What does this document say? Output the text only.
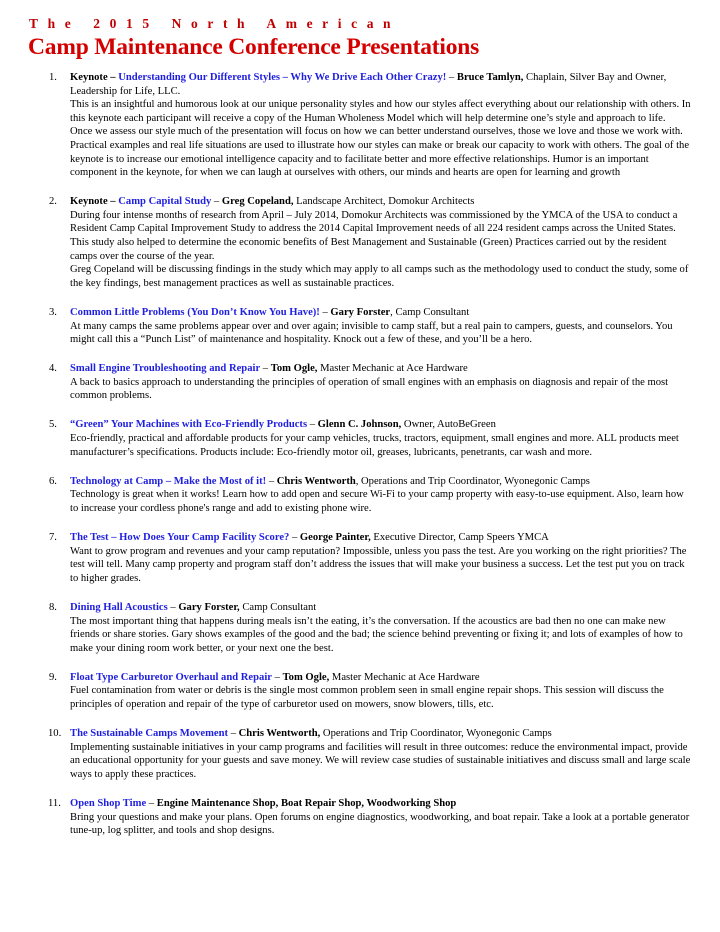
The 2015 North American
Camp Maintenance Conference Presentations
1.	Keynote – Understanding Our Different Styles – Why We Drive Each Other Crazy! – Bruce Tamlyn, Chaplain, Silver Bay and Owner, Leadership for Life, LLC.

This is an insightful and humorous look at our unique personality styles and how our styles affect everything about our relationship with others. In this keynote each participant will receive a copy of the Human Wholeness Model which will help determine one’s style and approach to life.

Once we assess our style much of the presentation will focus on how we can better understand ourselves, those we love and those we work with. Practical examples and real life situations are used to illustrate how our styles can make or break our capacity to work with others. The goal of the keynote is to increase our emotional intelligence capacity and to facilitate better and more effective relationships. Humor is an important component in the keynote, for when we can laugh at ourselves with others, our minds and hearts are open for learning and growth

2.	Keynote – Camp Capital Study – Greg Copeland, Landscape Architect, Domokur Architects

During four intense months of research from April – July 2014, Domokur Architects was commissioned by the YMCA of the USA to conduct a Resident Camp Capital Improvement Study to address the 2014 Capital Improvement needs of all 224 resident camps across the United States. This study also helped to determine the economic benefits of Best Management and Sustainable (Green) Practices carried out by the resident camps over the course of the year.

Greg Copeland will be discussing findings in the study which may apply to all camps such as the methodology used to conduct the study, some of the key findings, best management practices as well as sustainable practices.

3.	Common Little Problems (You Don’t Know You Have)! – Gary Forster, Camp Consultant

At many camps the same problems appear over and over again; invisible to camp staff, but a real pain to campers, guests, and counselors. You might call this a “Punch List” of maintenance and hospitality. Knock out a few of these, and you’ll be a hero.

4.	Small Engine Troubleshooting and Repair – Tom Ogle, Master Mechanic at Ace Hardware

A back to basics approach to understanding the principles of operation of small engines with an emphasis on diagnosis and repair of the most common problems.

5.	“Green” Your Machines with Eco-Friendly Products – Glenn C. Johnson, Owner, AutoBeGreen

Eco-friendly, practical and affordable products for your camp vehicles, trucks, tractors, equipment, small engines and more. ALL products meet manufacturer’s specifications. Products include: Eco-friendly motor oil, greases, lubricants, penetrants, car wash and more.

6.	Technology at Camp – Make the Most of it! – Chris Wentworth, Operations and Trip Coordinator, Wyonegonic Camps

Technology is great when it works! Learn how to add open and secure Wi-Fi to your camp property with easy-to-use equipment. Also, learn how to increase your cordless phone's range and add to existing phone wire.

7.	The Test – How Does Your Camp Facility Score? – George Painter, Executive Director, Camp Speers YMCA

Want to grow program and revenues and your camp reputation? Impossible, unless you pass the test. Are you working on the right priorities? The test will tell. Many camp property and program staff don’t address the issues that will make your business a success. Let the test put you on track to higher grades.

8.	Dining Hall Acoustics – Gary Forster, Camp Consultant

The most important thing that happens during meals isn’t the eating, it’s the conversation. If the acoustics are bad then no one can make new friends or share stories. Gary shows examples of the good and the bad; the science behind preventing or fixing it; and lots of examples of how to make your dining room work better, or your next one the best.

9.	Float Type Carburetor Overhaul and Repair – Tom Ogle, Master Mechanic at Ace Hardware

Fuel contamination from water or debris is the single most common problem seen in small engine repair shops. This session will discuss the principles of operation and repair of the type of carburetor used on mowers, snow blowers, tills, etc.

10. The Sustainable Camps Movement – Chris Wentworth, Operations and Trip Coordinator, Wyonegonic Camps

Implementing sustainable initiatives in your camp programs and facilities will result in three outcomes: reduce the environmental impact, provide an educational opportunity for your guests and save money. We will review case studies of sustainable initiatives and discuss small and large scale ways to apply these practices.

11. Open Shop Time – Engine Maintenance Shop, Boat Repair Shop, Woodworking Shop

Bring your questions and make your plans. Open forums on engine diagnostics, woodworking, and boat repair. Take a look at a portable generator tune-up, log splitter, and tools and shop designs.
